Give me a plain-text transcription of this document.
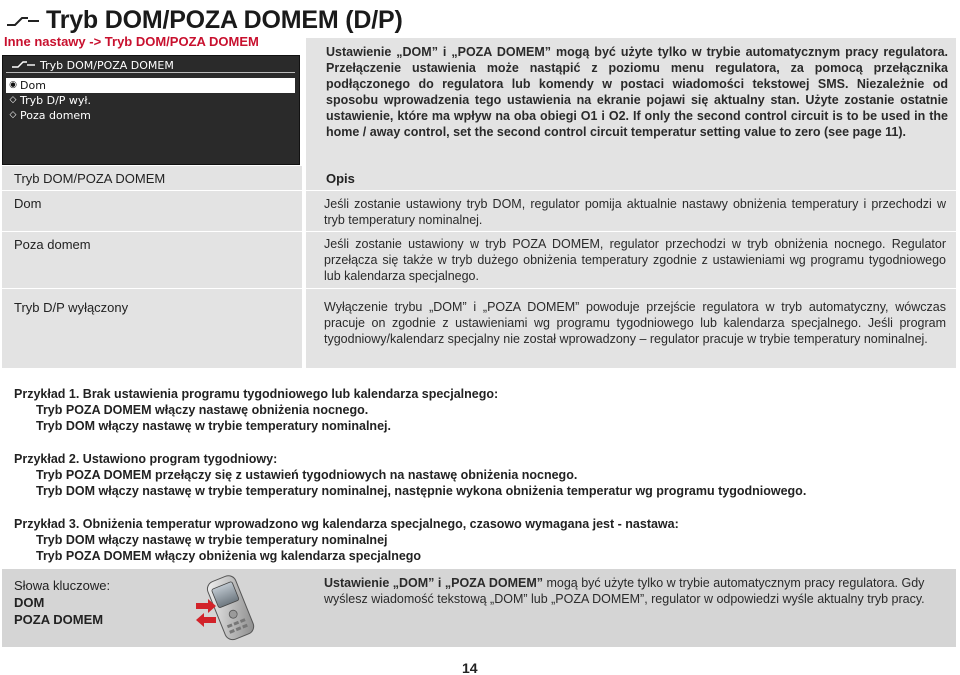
Tryb DOM/POZA DOMEM (D/P)
Inne nastawy -> Tryb DOM/POZA DOMEM
Tryb DOM/POZA DOMEM
◉ Dom
◇ Tryb D/P wył.
◇ Poza domem
Ustawienie „DOM” i „POZA DOMEM” mogą być użyte tylko w trybie automatycznym pracy regulatora. Przełączenie ustawienia może nastąpić z poziomu menu regulatora, za pomocą przełącznika podłączonego do regulatora lub komendy w postaci wiadomości tekstowej SMS. Niezależnie od sposobu wprowadzenia tego ustawienia na ekranie pojawi się aktualny stan. Użyte zostanie ostatnie ustawienie, które ma wpływ na oba obiegi O1 i O2. If only the second control circuit is to be used in the home / away control, set the second control circuit temperatur setting value to zero (see page 11).
Tryb DOM/POZA DOMEM	Opis
Dom	Jeśli zostanie ustawiony tryb DOM, regulator pomija aktualnie nastawy obniżenia temperatury i przechodzi w tryb temperatury nominalnej.
Poza domem	Jeśli zostanie ustawiony w tryb POZA DOMEM, regulator przechodzi w tryb obniżenia nocnego. Regulator przełącza się także w tryb dużego obniżenia temperatury zgodnie z ustawieniami wg programu tygodniowego lub kalendarza specjalnego.
Tryb D/P wyłączony	Wyłączenie trybu „DOM” i „POZA DOMEM” powoduje przejście regulatora w tryb automatyczny, wówczas pracuje on zgodnie z ustawieniami wg programu tygodniowego lub kalendarza specjalnego. Jeśli program tygodniowy/kalendarz specjalny nie został wprowadzony – regulator pracuje w trybie temperatury nominalnej.
Przykład 1. Brak ustawienia programu tygodniowego lub kalendarza specjalnego:
Tryb POZA DOMEM włączy nastawę obniżenia nocnego.
Tryb DOM włączy nastawę w trybie temperatury nominalnej.
Przykład 2. Ustawiono program tygodniowy:
Tryb POZA DOMEM przełączy się z ustawień tygodniowych na nastawę obniżenia nocnego.
Tryb DOM włączy nastawę w trybie temperatury nominalnej, następnie wykona obniżenia temperatur wg programu tygodniowego.
Przykład 3. Obniżenia temperatur wprowadzono wg kalendarza specjalnego, czasowo wymagana jest - nastawa:
Tryb DOM włączy nastawę w trybie temperatury nominalnej
Tryb POZA DOMEM włączy obniżenia wg kalendarza specjalnego
Słowa kluczowe:
DOM
POZA DOMEM
Ustawienie „DOM” i „POZA DOMEM” mogą być użyte tylko w trybie automatycznym pracy regulatora. Gdy wyślesz wiadomość tekstową „DOM” lub „POZA DOMEM”, regulator w odpowiedzi wyśle aktualny tryb pracy.
14
